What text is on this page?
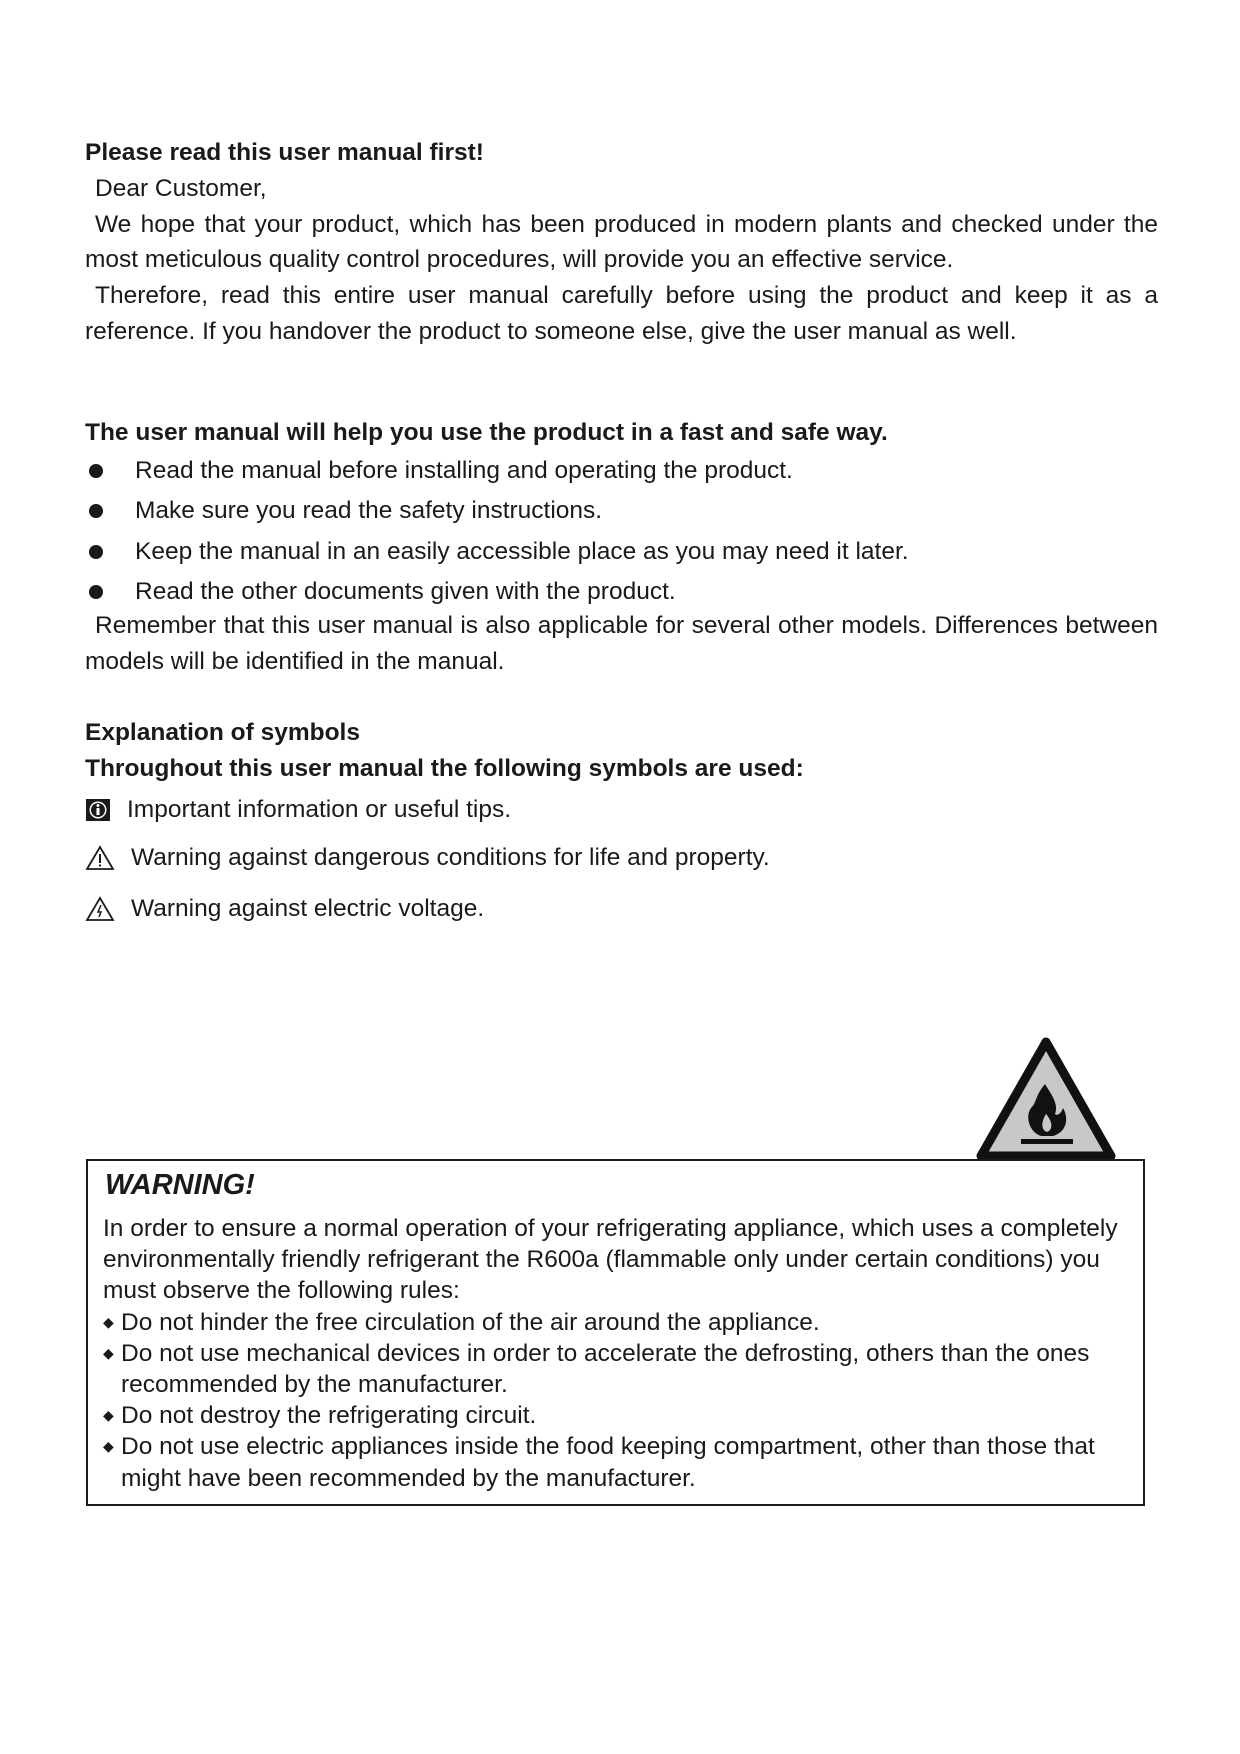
Please read this user manual first!

Dear Customer,

We hope that your product, which has been produced in modern plants and checked under the most meticulous quality control procedures, will provide you an effective service.

Therefore, read this entire user manual carefully before using the product and keep it as a reference. If you handover the product to someone else, give the user manual as well.

The user manual will help you use the product in a fast and safe way.

Read the manual before installing and operating the product.
Make sure you read the safety instructions.
Keep the manual in an easily accessible place as you may need it later.
Read the other documents given with the product.

Remember that this user manual is also applicable for several other models. Differences between models will be identified in the manual.

Explanation of symbols

Throughout this user manual the following symbols are used:

Important information or useful tips.
Warning against dangerous conditions for life and property.
Warning against electric voltage.
WARNING!

In order to ensure a normal operation of your refrigerating appliance, which uses a completely environmentally friendly refrigerant the R600a (flammable only under certain conditions) you must observe the following rules:

◆ Do not hinder the free circulation of the air around the appliance.
◆ Do not use mechanical devices in order to accelerate the defrosting, others than the ones recommended by the manufacturer.
◆ Do not destroy the refrigerating circuit.
◆ Do not use electric appliances inside the food keeping compartment, other than those that might have been recommended by the manufacturer.
